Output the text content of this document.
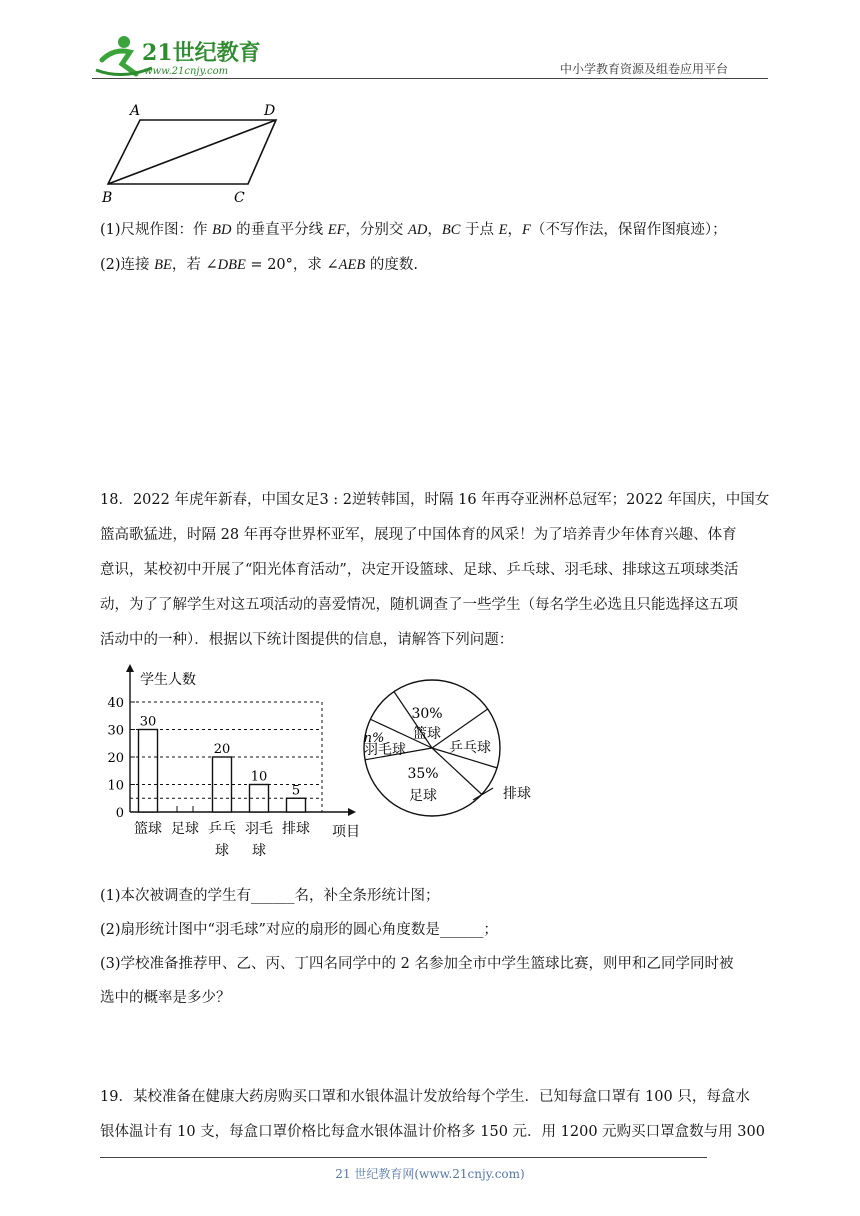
21世纪教育
www.21cnjy.com	中小学教育资源及组卷应用平台
A	D
B	C
(1)尺规作图：作 BD 的垂直平分线 EF，分别交 AD，BC 于点 E，F（不写作法，保留作图痕迹）；
(2)连接 BE，若 ∠DBE = 20°，求 ∠AEB 的度数.
18．2022 年虎年新春，中国女足3 : 2逆转韩国，时隔 16 年再夺亚洲杯总冠军；2022 年国庆，中国女
篮高歌猛进，时隔 28 年再夺世界杯亚军，展现了中国体育的风采！为了培养青少年体育兴趣、体育
意识，某校初中开展了“阳光体育活动”，决定开设篮球、足球、乒乓球、羽毛球、排球这五项球类活
动，为了了解学生对这五项活动的喜爱情况，随机调查了一些学生（每名学生必选且只能选择这五项
活动中的一种）．根据以下统计图提供的信息，请解答下列问题：
学生人数
项目
0
10
20
30
40
30
篮球 足球
20
乒乓
球
10
羽毛
球
5
排球
30%
篮球
乒乓球
35%
足球
n%
羽毛球
排球
(1)本次被调查的学生有______名，补全条形统计图；
(2)扇形统计图中“羽毛球”对应的扇形的圆心角度数是______；
(3)学校准备推荐甲、乙、丙、丁四名同学中的 2 名参加全市中学生篮球比赛，则甲和乙同学同时被
选中的概率是多少？
19．某校准备在健康大药房购买口罩和水银体温计发放给每个学生．已知每盒口罩有 100 只，每盒水
银体温计有 10 支，每盒口罩价格比每盒水银体温计价格多 150 元．用 1200 元购买口罩盒数与用 300
21 世纪教育网(www.21cnjy.com)
